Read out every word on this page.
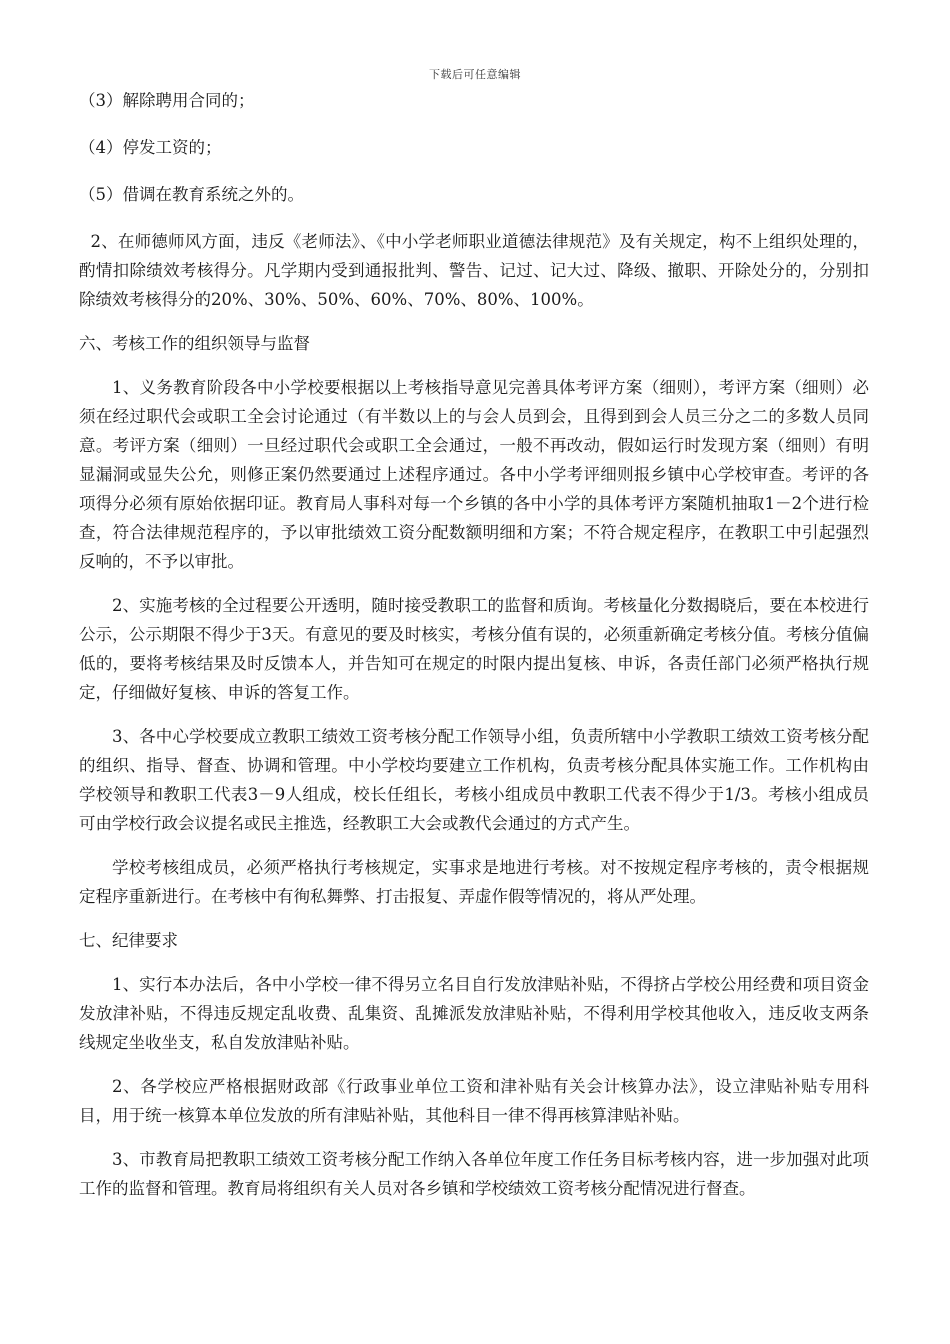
下载后可任意编辑

（3）解除聘用合同的；

（4）停发工资的；

（5）借调在教育系统之外的。

2、在师德师风方面，违反《老师法》、《中小学老师职业道德法律规范》及有关规定，构不上组织处理的，酌情扣除绩效考核得分。凡学期内受到通报批判、警告、记过、记大过、降级、撤职、开除处分的，分别扣除绩效考核得分的20%、30%、50%、60%、70%、80%、100%。

六、考核工作的组织领导与监督

1、义务教育阶段各中小学校要根据以上考核指导意见完善具体考评方案（细则），考评方案（细则）必须在经过职代会或职工全会讨论通过（有半数以上的与会人员到会，且得到到会人员三分之二的多数人员同意。考评方案（细则）一旦经过职代会或职工全会通过，一般不再改动，假如运行时发现方案（细则）有明显漏洞或显失公允，则修正案仍然要通过上述程序通过。各中小学考评细则报乡镇中心学校审查。考评的各项得分必须有原始依据印证。教育局人事科对每一个乡镇的各中小学的具体考评方案随机抽取1－2个进行检查，符合法律规范程序的，予以审批绩效工资分配数额明细和方案；不符合规定程序，在教职工中引起强烈反响的，不予以审批。

2、实施考核的全过程要公开透明，随时接受教职工的监督和质询。考核量化分数揭晓后，要在本校进行公示，公示期限不得少于3天。有意见的要及时核实，考核分值有误的，必须重新确定考核分值。考核分值偏低的，要将考核结果及时反馈本人，并告知可在规定的时限内提出复核、申诉，各责任部门必须严格执行规定，仔细做好复核、申诉的答复工作。

3、各中心学校要成立教职工绩效工资考核分配工作领导小组，负责所辖中小学教职工绩效工资考核分配的组织、指导、督查、协调和管理。中小学校均要建立工作机构，负责考核分配具体实施工作。工作机构由学校领导和教职工代表3－9人组成，校长任组长，考核小组成员中教职工代表不得少于1/3。考核小组成员可由学校行政会议提名或民主推选，经教职工大会或教代会通过的方式产生。

学校考核组成员，必须严格执行考核规定，实事求是地进行考核。对不按规定程序考核的，责令根据规定程序重新进行。在考核中有徇私舞弊、打击报复、弄虚作假等情况的，将从严处理。

七、纪律要求

1、实行本办法后，各中小学校一律不得另立名目自行发放津贴补贴，不得挤占学校公用经费和项目资金发放津补贴，不得违反规定乱收费、乱集资、乱摊派发放津贴补贴，不得利用学校其他收入，违反收支两条线规定坐收坐支，私自发放津贴补贴。

2、各学校应严格根据财政部《行政事业单位工资和津补贴有关会计核算办法》，设立津贴补贴专用科目，用于统一核算本单位发放的所有津贴补贴，其他科目一律不得再核算津贴补贴。

3、市教育局把教职工绩效工资考核分配工作纳入各单位年度工作任务目标考核内容，进一步加强对此项工作的监督和管理。教育局将组织有关人员对各乡镇和学校绩效工资考核分配情况进行督查。
